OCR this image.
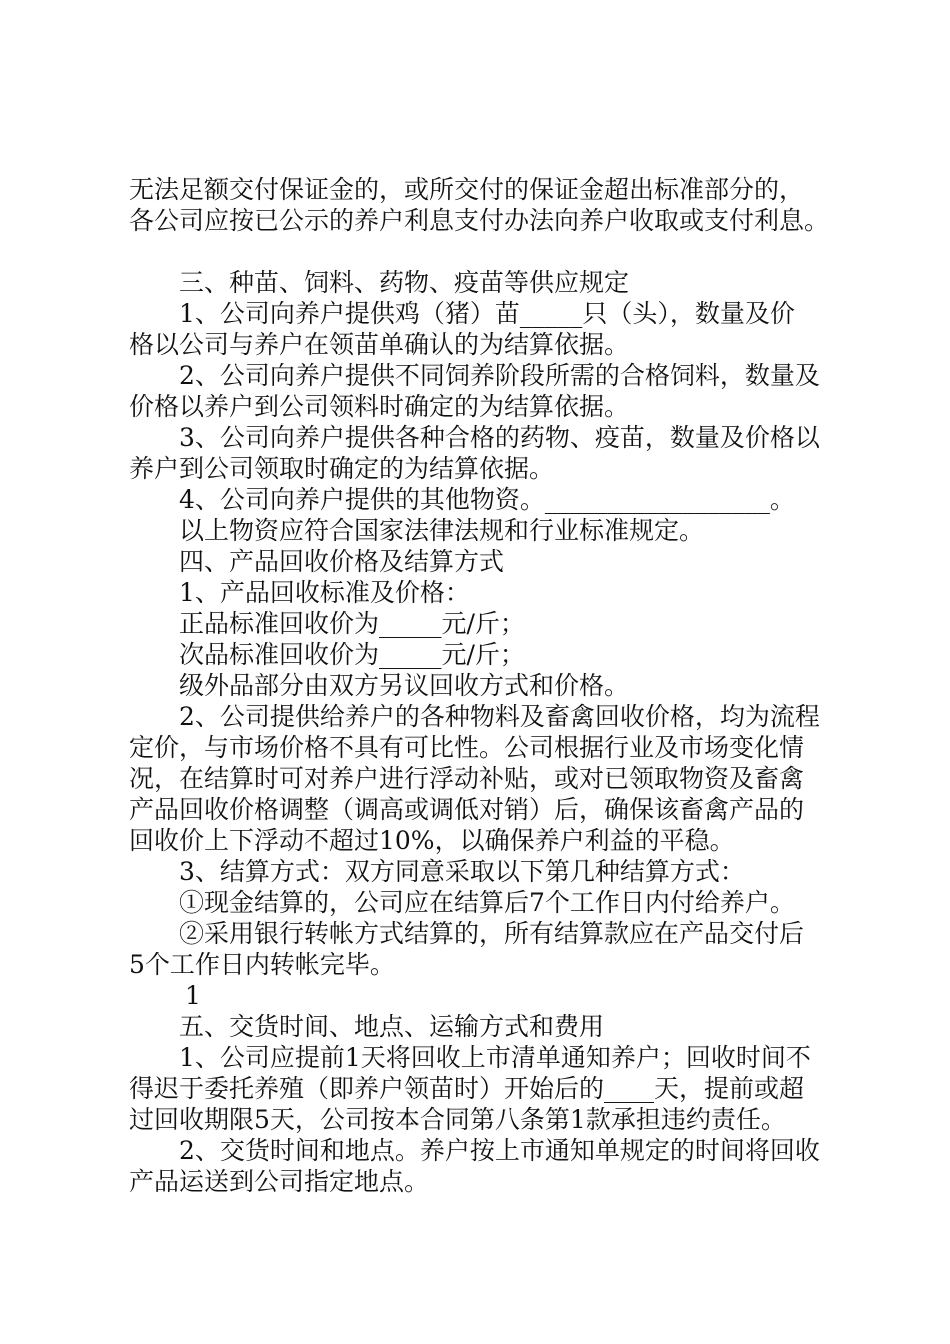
无法足额交付保证金的，或所交付的保证金超出标准部分的，
各公司应按已公示的养户利息支付办法向养户收取或支付利息。
三、种苗、饲料、药物、疫苗等供应规定
1、公司向养户提供鸡（猪）苗_____只（头），数量及价
格以公司与养户在领苗单确认的为结算依据。
2、公司向养户提供不同饲养阶段所需的合格饲料，数量及
价格以养户到公司领料时确定的为结算依据。
3、公司向养户提供各种合格的药物、疫苗，数量及价格以
养户到公司领取时确定的为结算依据。
4、公司向养户提供的其他物资。__________________。
以上物资应符合国家法律法规和行业标准规定。
四、产品回收价格及结算方式
1、产品回收标准及价格：
正品标准回收价为_____元/斤；
次品标准回收价为_____元/斤；
级外品部分由双方另议回收方式和价格。
2、公司提供给养户的各种物料及畜禽回收价格，均为流程
定价，与市场价格不具有可比性。公司根据行业及市场变化情
况，在结算时可对养户进行浮动补贴，或对已领取物资及畜禽
产品回收价格调整（调高或调低对销）后，确保该畜禽产品的
回收价上下浮动不超过10%，以确保养户利益的平稳。
3、结算方式：双方同意采取以下第几种结算方式：
①现金结算的，公司应在结算后7个工作日内付给养户。
②采用银行转帐方式结算的，所有结算款应在产品交付后
5个工作日内转帐完毕。
1
五、交货时间、地点、运输方式和费用
1、公司应提前1天将回收上市清单通知养户；回收时间不
得迟于委托养殖（即养户领苗时）开始后的____天，提前或超
过回收期限5天，公司按本合同第八条第1款承担违约责任。
2、交货时间和地点。养户按上市通知单规定的时间将回收
产品运送到公司指定地点。
